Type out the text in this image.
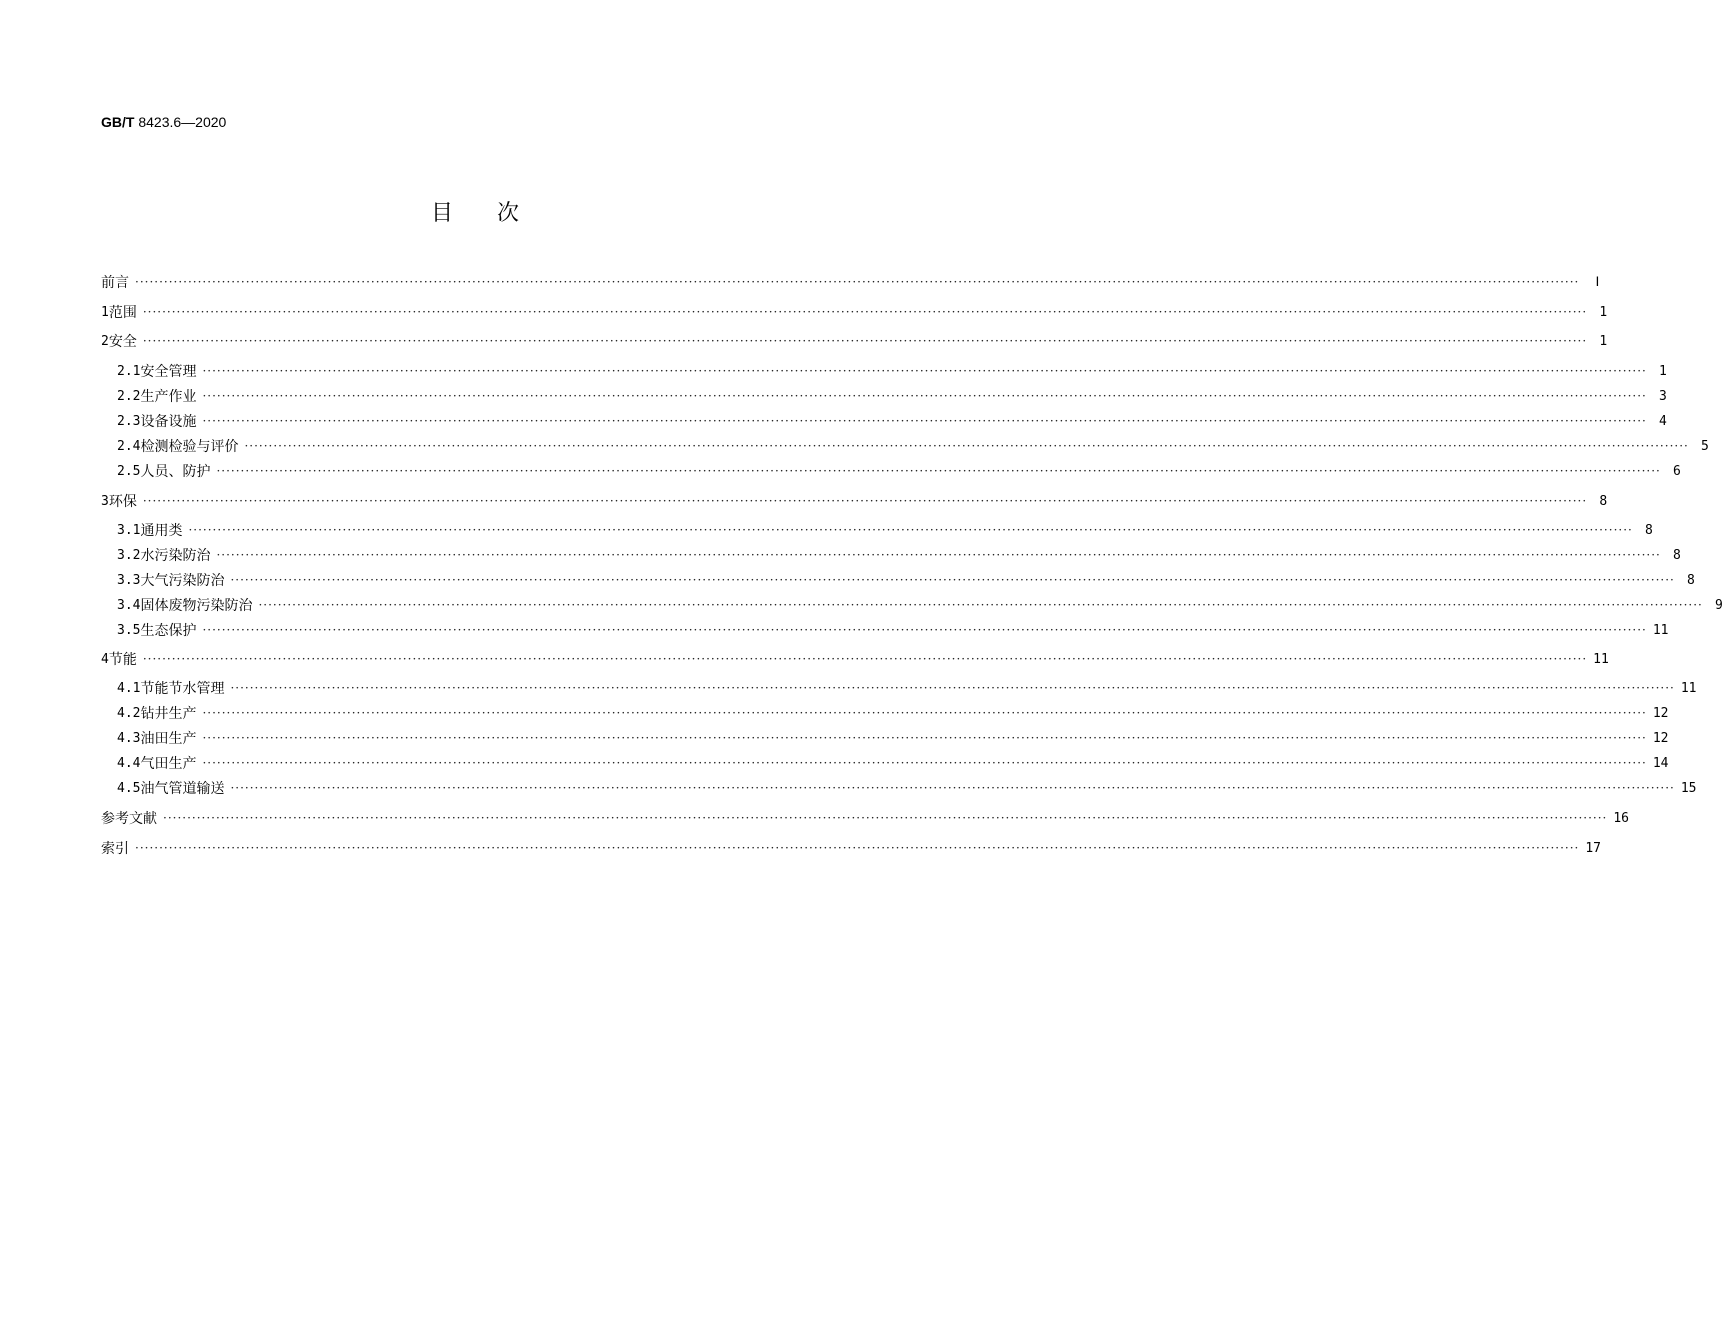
GB/T 8423.6—2020
目次
前言 ············································································································································································································································································································	Ⅰ
1 范围 ············································································································································································································································································································ 1
2 安全 ············································································································································································································································································································ 1
2.1 安全管理 ············································································································································································································································································································ 1
2.2 生产作业 ············································································································································································································································································································ 3
2.3 设备设施 ············································································································································································································································································································ 4
2.4 检测检验与评价 ············································································································································································································································································································ 5
2.5 人员、防护 ············································································································································································································································································································ 6
3 环保 ············································································································································································································································································································ 8
3.1 通用类 ············································································································································································································································································································ 8
3.2 水污染防治 ············································································································································································································································································································ 8
3.3 大气污染防治 ············································································································································································································································································································ 8
3.4 固体废物污染防治 ············································································································································································································································································································ 9
3.5 生态保护 ············································································································································································································································································································ 11
4 节能 ············································································································································································································································································································ 11
4.1 节能节水管理 ············································································································································································································································································································ 11
4.2 钻井生产 ············································································································································································································································································································ 12
4.3 油田生产 ············································································································································································································································································································ 12
4.4 气田生产 ············································································································································································································································································································ 14
4.5 油气管道输送 ············································································································································································································································································································ 15
参考文献 ············································································································································································································································································································ 16
索引 ············································································································································································································································································································ 17
